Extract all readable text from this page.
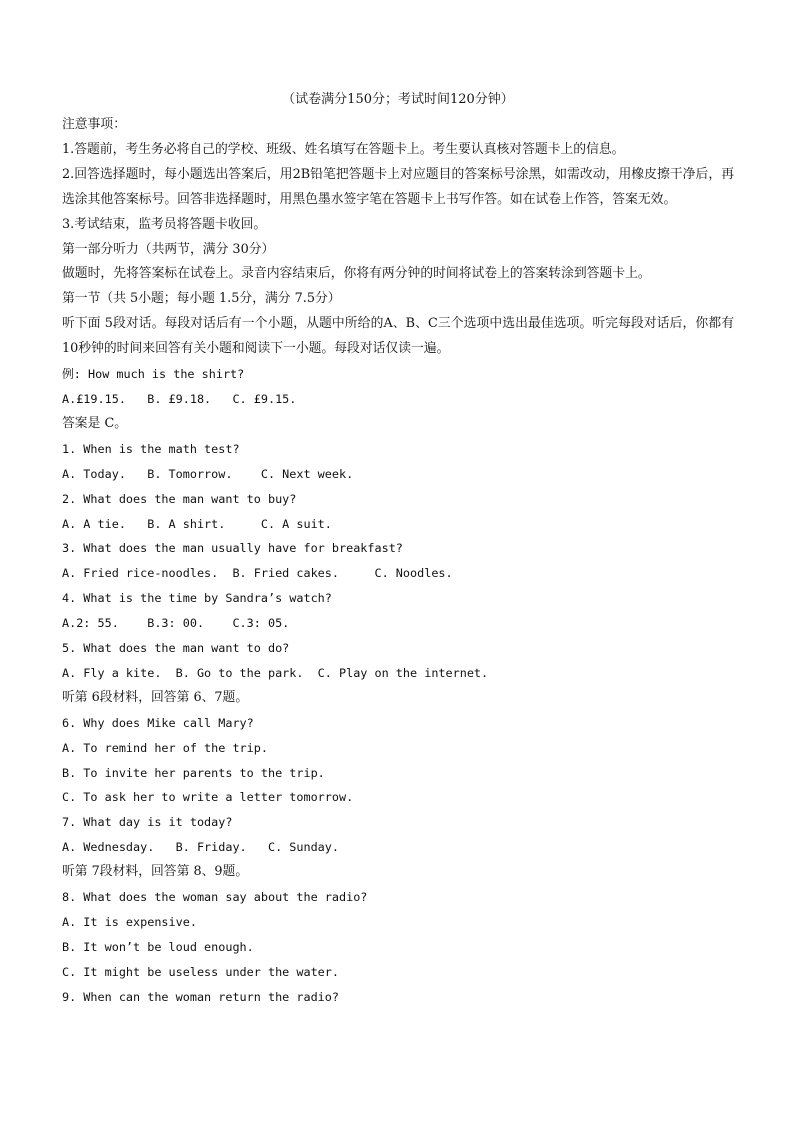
（试卷满分150分；考试时间120分钟）
注意事项：
1.答题前，考生务必将自己的学校、班级、姓名填写在答题卡上。考生要认真核对答题卡上的信息。
2.回答选择题时，每小题选出答案后，用2B铅笔把答题卡上对应题目的答案标号涂黑，如需改动，用橡皮擦干净后，再选涂其他答案标号。回答非选择题时，用黑色墨水签字笔在答题卡上书写作答。如在试卷上作答，答案无效。
3.考试结束，监考员将答题卡收回。
第一部分听力（共两节，满分 30分）
做题时，先将答案标在试卷上。录音内容结束后，你将有两分钟的时间将试卷上的答案转涂到答题卡上。
第一节（共 5小题；每小题 1.5分，满分 7.5分）
听下面 5段对话。每段对话后有一个小题，从题中所给的A、B、C三个选项中选出最佳选项。听完每段对话后，你都有 10秒钟的时间来回答有关小题和阅读下一小题。每段对话仅读一遍。
例: How much is the shirt?
A.£19.15.   B. £9.18.   C. £9.15.
答案是 C。
1. When is the math test?
A. Today.   B. Tomorrow.    C. Next week.
2. What does the man want to buy?
A. A tie.   B. A shirt.     C. A suit.
3. What does the man usually have for breakfast?
A. Fried rice-noodles.  B. Fried cakes.     C. Noodles.
4. What is the time by Sandra’s watch?
A.2: 55.    B.3: 00.    C.3: 05.
5. What does the man want to do?
A. Fly a kite.  B. Go to the park.  C. Play on the internet.
听第 6段材料，回答第 6、7题。
6. Why does Mike call Mary?
A. To remind her of the trip.
B. To invite her parents to the trip.
C. To ask her to write a letter tomorrow.
7. What day is it today?
A. Wednesday.   B. Friday.   C. Sunday.
听第 7段材料，回答第 8、9题。
8. What does the woman say about the radio?
A. It is expensive.
B. It won’t be loud enough.
C. It might be useless under the water.
9. When can the woman return the radio?
